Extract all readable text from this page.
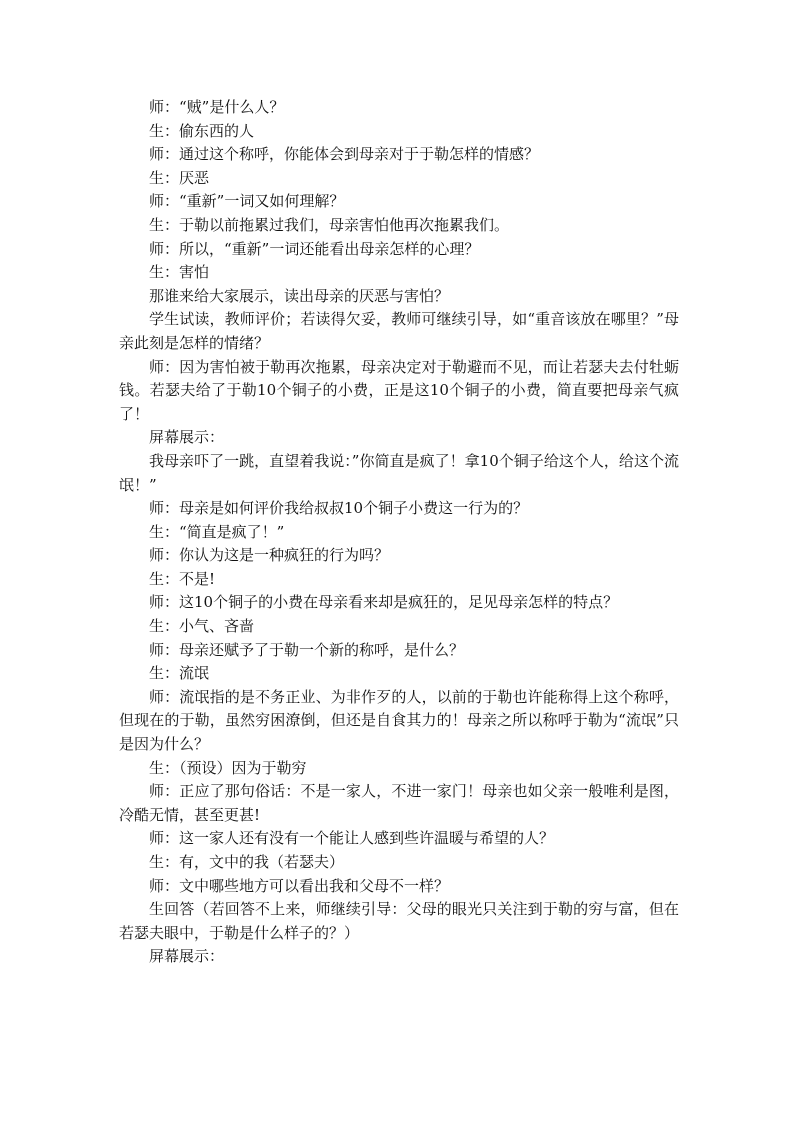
师：“贼”是什么人？

生：偷东西的人

师：通过这个称呼，你能体会到母亲对于于勒怎样的情感？

生：厌恶

师：“重新”一词又如何理解？

生：于勒以前拖累过我们，母亲害怕他再次拖累我们。

师：所以，“重新”一词还能看出母亲怎样的心理？

生：害怕

那谁来给大家展示，读出母亲的厌恶与害怕？

学生试读，教师评价；若读得欠妥，教师可继续引导，如“重音该放在哪里？”母亲此刻是怎样的情绪？

师：因为害怕被于勒再次拖累，母亲决定对于勒避而不见，而让若瑟夫去付牡蛎钱。若瑟夫给了于勒10个铜子的小费，正是这10个铜子的小费，简直要把母亲气疯了！

屏幕展示：

我母亲吓了一跳，直望着我说：”你简直是疯了！拿10个铜子给这个人，给这个流氓！”

师：母亲是如何评价我给叔叔10个铜子小费这一行为的？

生：“简直是疯了！”

师：你认为这是一种疯狂的行为吗？

生：不是!

师：这10个铜子的小费在母亲看来却是疯狂的，足见母亲怎样的特点？

生：小气、吝啬

师：母亲还赋予了于勒一个新的称呼，是什么？

生：流氓

师：流氓指的是不务正业、为非作歹的人，以前的于勒也许能称得上这个称呼，但现在的于勒，虽然穷困潦倒，但还是自食其力的！母亲之所以称呼于勒为“流氓”只是因为什么？

生：（预设）因为于勒穷

师：正应了那句俗话：不是一家人，不进一家门！母亲也如父亲一般唯利是图，冷酷无情，甚至更甚!

师：这一家人还有没有一个能让人感到些许温暖与希望的人？

生：有，文中的我（若瑟夫）

师：文中哪些地方可以看出我和父母不一样？

生回答（若回答不上来，师继续引导：父母的眼光只关注到于勒的穷与富，但在若瑟夫眼中，于勒是什么样子的？）

屏幕展示：
